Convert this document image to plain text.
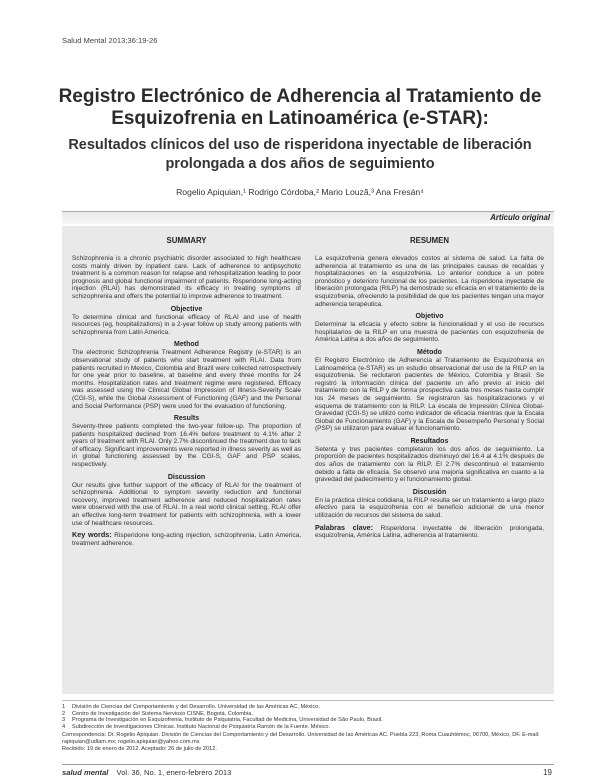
Salud Mental 2013;36:19-26
Registro Electrónico de Adherencia al Tratamiento de Esquizofrenia en Latinoamérica (e-STAR):
Resultados clínicos del uso de risperidona inyectable de liberación prolongada a dos años de seguimiento
Rogelio Apiquian,¹ Rodrigo Córdoba,² Mario Louzã,³ Ana Fresán⁴
Artículo original
SUMMARY

Schizophrenia is a chronic psychiatric disorder associated to high healthcare costs mainly driven by inpatient care. Lack of adherence to antipsychotic treatment is a common reason for relapse and rehospitalization leading to poor prognosis and global functional impairment of patients. Risperidone long-acting injection (RLAI) has demonstrated its efficacy in treating symptoms of schizophrenia and offers the potential to improve adherence to treatment.

Objective

To determine clinical and functional efficacy of RLAI and use of health resources (eg, hospitalizations) in a 2-year follow up study among patients with schizophrenia from Latin America.

Method

The electronic Schizophrenia Treatment Adherence Registry (e-STAR) is an observational study of patients who start treatment with RLAI. Data from patients recruited in Mexico, Colombia and Brazil were collected retrospectively for one year prior to baseline, at baseline and every three months for 24 months. Hospitalization rates and treatment regime were registered. Efficacy was assessed using the Clinical Global Impression of Illness-Severity Scale (CGI-S), while the Global Assessment of Functioning (GAF) and the Personal and Social Performance (PSP) were used for the evaluation of functioning.

Results

Seventy-three patients completed the two-year follow-up. The proportion of patients hospitalized declined from 16.4% before treatment to 4.1% after 2 years of treatment with RLAI. Only 2.7% discontinued the treatment due to lack of efficacy. Significant improvements were reported in illness severity as well as in global functioning assessed by the CGI-S, GAF and PSP scales, respectively.

Discussion

Our results give further support of the efficacy of RLAI for the treatment of schizophrenia. Additional to symptom severity reduction and functional recovery, improved treatment adherence and reduced hospitalization rates were observed with the use of RLAI. In a real world clinical setting, RLAI offer an effective long-term treatment for patients with schizophrenia, with a lower use of healthcare resources.

Key words: Risperidone long-acting injection, schizophrenia, Latin America, treatment adherence.

RESUMEN

La esquizofrenia genera elevados costos al sistema de salud. La falta de adherencia al tratamiento es una de las principales causas de recaídas y hospitalizaciones en la esquizofrenia. Lo anterior conduce a un pobre pronóstico y deterioro funcional de los pacientes. La risperidona inyectable de liberación prolongada (RILP) ha demostrado su eficacia en el tratamiento de la esquizofrenia, ofreciendo la posibilidad de que los pacientes tengan una mayor adherencia terapéutica.

Objetivo

Determinar la eficacia y efecto sobre la funcionalidad y el uso de recursos hospitalarios de la RILP en una muestra de pacientes con esquizofrenia de América Latina a dos años de seguimiento.

Método

El Registro Electrónico de Adherencia al Tratamiento de Esquizofrenia en Latinoamérica (e-STAR) es un estudio observacional del uso de la RILP en la esquizofrenia. Se reclutaron pacientes de México, Colombia y Brasil. Se registró la información clínica del paciente un año previo al inicio del tratamiento con la RILP y de forma prospectiva cada tres meses hasta cumplir los 24 meses de seguimiento. Se registraron las hospitalizaciones y el esquema de tratamiento con la RILP. La escala de Impresión Clínica Global-Gravedad (CGI-S) se utilizó como indicador de eficacia mientras que la Escala Global de Funcionamiento (GAF) y la Escala de Desempeño Personal y Social (PSP) se utilizaron para evaluar el funcionamiento.

Resultados

Setenta y tres pacientes completaron los dos años de seguimiento. La proporción de pacientes hospitalizados disminuyó del 16.4 al 4.1% después de dos años de tratamiento con la RILP. El 2.7% descontinuó el tratamiento debido a falta de eficacia. Se observó una mejoría significativa en cuanto a la gravedad del padecimiento y el funcionamiento global.

Discusión

En la práctica clínica cotidiana, la RILP resulta ser un tratamiento a largo plazo efectivo para la esquizofrenia con el beneficio adicional de una menor utilización de recursos del sistema de salud.

Palabras clave: Risperidona inyectable de liberación prolongada, esquizofrenia, América Latina, adherencia al tratamiento.

1 División de Ciencias del Comportamiento y del Desarrollo. Universidad de las Américas AC, México.
2 Centro de Investigación del Sistema Nervioso CISNE. Bogotá, Colombia.
3 Programa de Investigación en Esquizofrenia, Instituto de Psiquiatria, Facultad de Medicina, Universidad de São Paulo, Brasil.
4 Subdirección de Investigaciones Clínicas. Instituto Nacional de Psiquiatría Ramón de la Fuente. México.
Correspondencia: Dr. Rogelio Apiquian. División de Ciencias del Comportamiento y del Desarrollo. Universidad de las Américas AC. Puebla 223, Roma Cuauhtémoc, 06700, México, DF. E-mail: rapiquian@udlam.mx; rogelio.apiquian@yahoo.com.mx
Recibido: 19 de enero de 2012. Aceptado: 26 de julio de 2012.
salud mental Vol. 36, No. 1, enero-febrero 2013	19
